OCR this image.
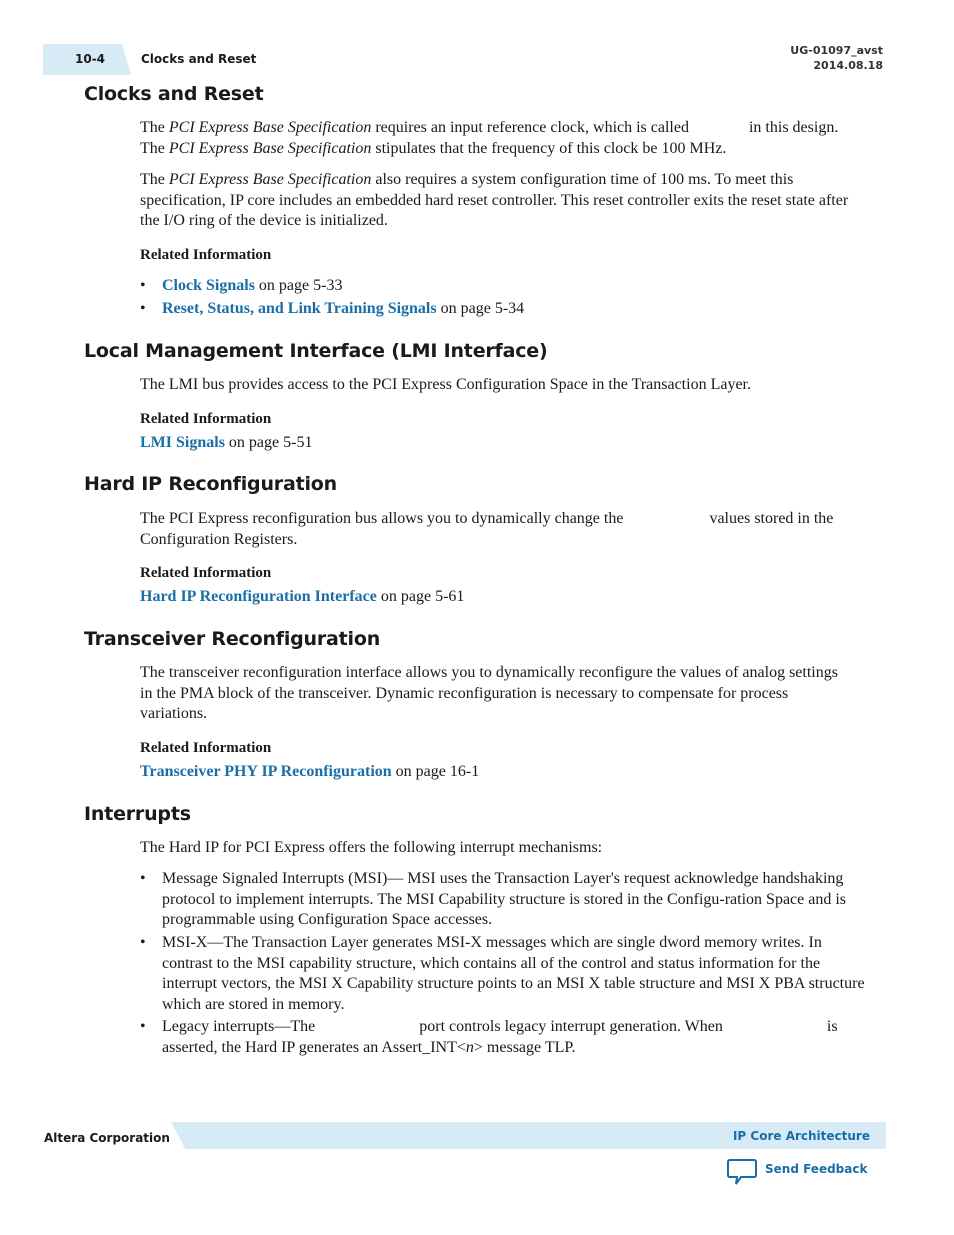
10-4	Clocks and Reset
UG-01097_avst
2014.08.18
Clocks and Reset

The PCI Express Base Specification requires an input reference clock, which is called	in this design.
The PCI Express Base Specification stipulates that the frequency of this clock be 100 MHz.

The PCI Express Base Specification also requires a system configuration time of 100 ms. To meet this specification, IP core includes an embedded hard reset controller. This reset controller exits the reset state after the I/O ring of the device is initialized.

Related Information

• Clock Signals on page 5-33

• Reset, Status, and Link Training Signals on page 5-34

Local Management Interface (LMI Interface)

The LMI bus provides access to the PCI Express Configuration Space in the Transaction Layer.

Related Information

LMI Signals on page 5-51

Hard IP Reconfiguration

The PCI Express reconfiguration bus allows you to dynamically change the	values stored in the Configuration Registers.

Related Information

Hard IP Reconfiguration Interface on page 5-61

Transceiver Reconfiguration

The transceiver reconfiguration interface allows you to dynamically reconfigure the values of analog settings in the PMA block of the transceiver. Dynamic reconfiguration is necessary to compensate for process variations.

Related Information

Transceiver PHY IP Reconfiguration on page 16-1

Interrupts

The Hard IP for PCI Express offers the following interrupt mechanisms:

• Message Signaled Interrupts (MSI)— MSI uses the Transaction Layer's request acknowledge handshaking protocol to implement interrupts. The MSI Capability structure is stored in the Configu-ration Space and is programmable using Configuration Space accesses.

• MSI-X—The Transaction Layer generates MSI-X messages which are single dword memory writes. In contrast to the MSI capability structure, which contains all of the control and status information for the interrupt vectors, the MSI X Capability structure points to an MSI X table structure and MSI X PBA structure which are stored in memory.

• Legacy interrupts—The	port controls legacy interrupt generation. When	is asserted, the Hard IP generates an Assert_INT<n> message TLP.

Altera Corporation	IP Core Architecture
Send Feedback
